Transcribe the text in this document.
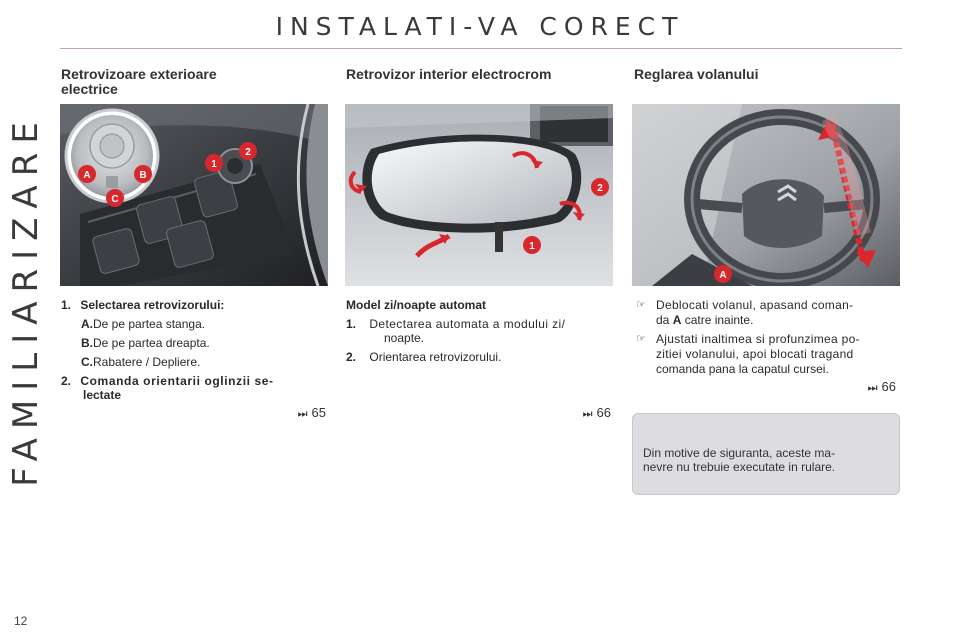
INSTALATI-VA CORECT
FAMILIARIZARE
12
Retrovizoare exterioare
electrice
A	B
C
1
2
1. Selectarea retrovizorului:
A.De pe partea stanga.
B.De pe partea dreapta.
C.Rabatere / Depliere.
2. Comanda orientarii oglinzii se-
lectate
⏭ 65
Retrovizor interior electrocrom
2
1
Model zi/noapte automat
1. Detectarea automata a modului zi/
noapte.
2. Orientarea retrovizorului.
⏭ 66
Reglarea volanului
A
☞ Deblocati volanul, apasand coman-
da A catre inainte.
☞ Ajustati inaltimea si profunzimea po-
zitiei volanului, apoi blocati tragand
comanda pana la capatul cursei.
⏭ 66
Din motive de siguranta, aceste ma-
nevre nu trebuie executate in rulare.
